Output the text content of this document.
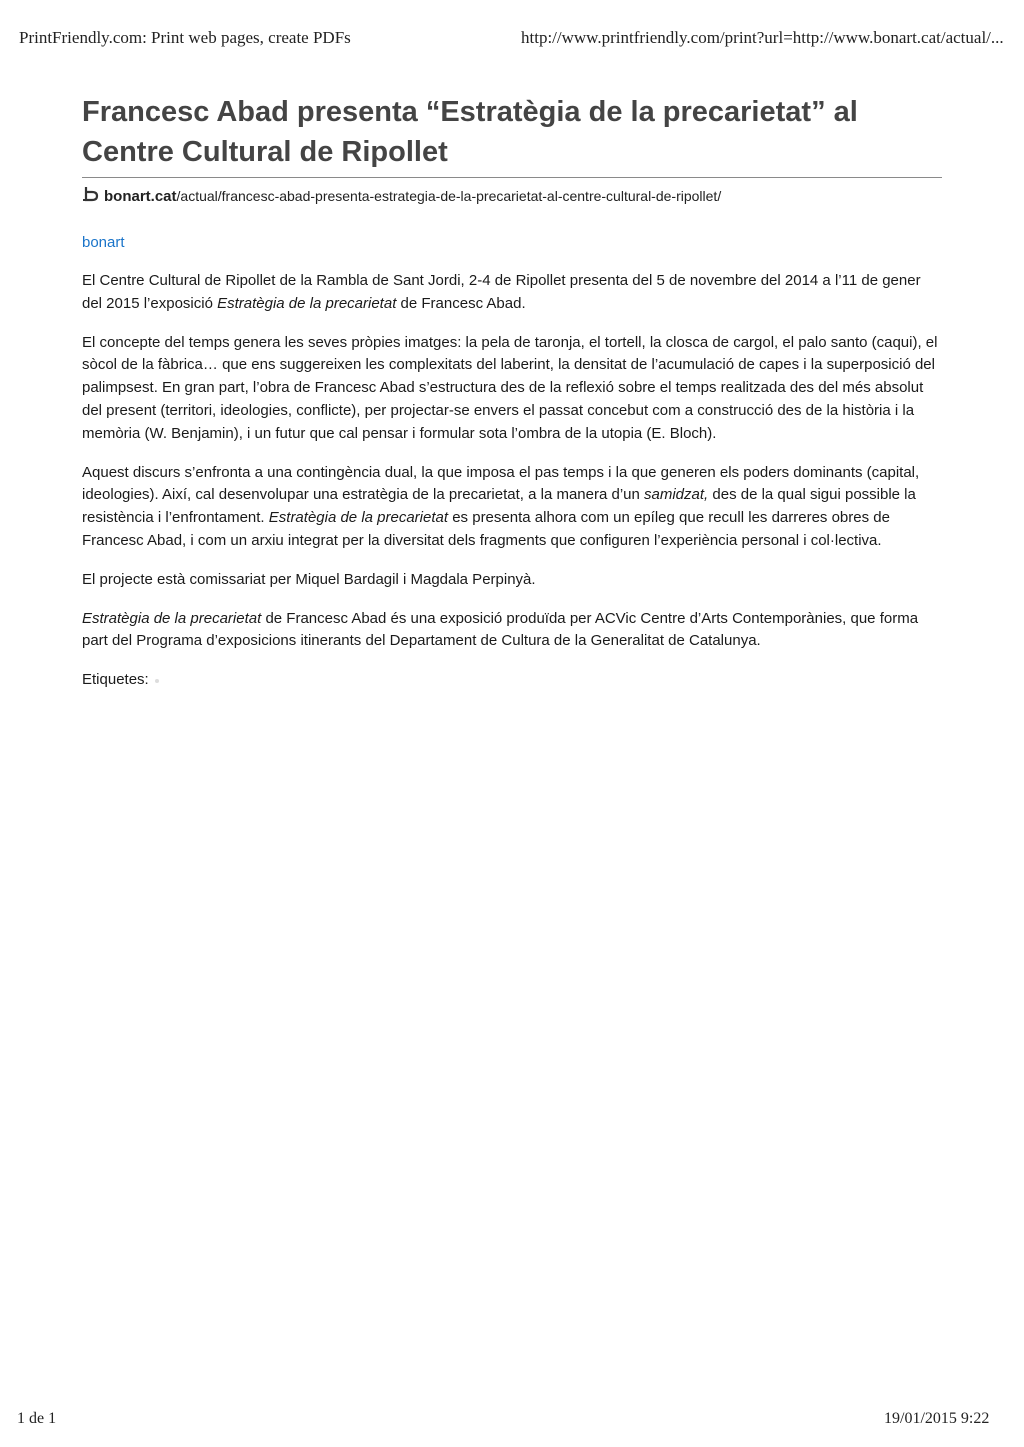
PrintFriendly.com: Print web pages, create PDFs	http://www.printfriendly.com/print?url=http://www.bonart.cat/actual/...
Francesc Abad presenta “Estratègia de la precarietat” al Centre Cultural de Ripollet
bonart.cat/actual/francesc-abad-presenta-estrategia-de-la-precarietat-al-centre-cultural-de-ripollet/
bonart

El Centre Cultural de Ripollet de la Rambla de Sant Jordi, 2-4 de Ripollet presenta del 5 de novembre del 2014 a l’11 de gener del 2015 l’exposició Estratègia de la precarietat de Francesc Abad.

El concepte del temps genera les seves pròpies imatges: la pela de taronja, el tortell, la closca de cargol, el palo santo (caqui), el sòcol de la fàbrica… que ens suggereixen les complexitats del laberint, la densitat de l’acumulació de capes i la superposició del palimpsest. En gran part, l’obra de Francesc Abad s’estructura des de la reflexió sobre el temps realitzada des del més absolut del present (territori, ideologies, conflicte), per projectar-se envers el passat concebut com a construcció des de la història i la memòria (W. Benjamin), i un futur que cal pensar i formular sota l’ombra de la utopia (E. Bloch).

Aquest discurs s’enfronta a una contingència dual, la que imposa el pas temps i la que generen els poders dominants (capital, ideologies). Així, cal desenvolupar una estratègia de la precarietat, a la manera d’un samidzat, des de la qual sigui possible la resistència i l’enfrontament. Estratègia de la precarietat es presenta alhora com un epíleg que recull les darreres obres de Francesc Abad, i com un arxiu integrat per la diversitat dels fragments que configuren l’experiència personal i col·lectiva.

El projecte està comissariat per Miquel Bardagil i Magdala Perpinyà.

Estratègia de la precarietat de Francesc Abad és una exposició produïda per ACVic Centre d’Arts Contemporànies, que forma part del Programa d’exposicions itinerants del Departament de Cultura de la Generalitat de Catalunya.

Etiquetes:
1 de 1	19/01/2015 9:22
